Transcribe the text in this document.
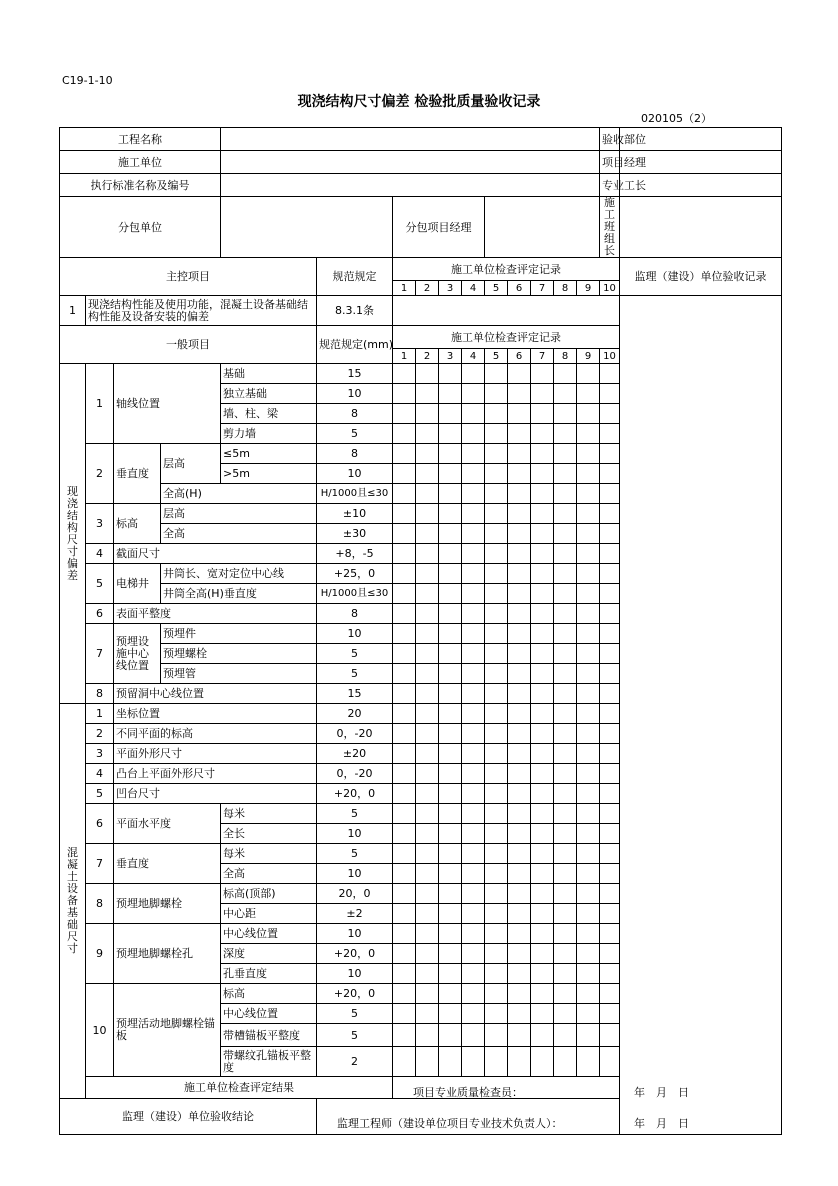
C19-1-10
现浇结构尺寸偏差 检验批质量验收记录
020105（2）
工程名称															验收部位	
施工单位															项目经理	
执行标准名称及编号															专业工长	
分包单位						分包项目经理									施工班组长	
主控项目					规范规定	施工单位检查评定记录										监理（建设）单位验收记录
						1	2	3	4	5	6	7	8	9	10	
1	现浇结构性能及使用功能，混凝土设备基础结构性能及设备安装的偏差				8.3.1条											
一般项目					规范规定(mm)	施工单位检查评定记录										
						1	2	3	4	5	6	7	8	9	10	
现浇结构尺寸偏差	1	轴线位置		基础	15											
				独立基础	10											
				墙、柱、梁	8											
				剪力墙	5											
	2	垂直度	层高	≤5m	8											
				>5m	10											
			全高(H)		H/1000且≤30											
	3	标高	层高		±10											
			全高		±30											
	4	截面尺寸			+8，-5											
	5	电梯井	井筒长、宽对定位中心线		+25，0											
			井筒全高(H)垂直度		H/1000且≤30											
	6	表面平整度			8											
	7	预埋设施中心线位置	预埋件		10											
			预埋螺栓		5											
			预埋管		5											
	8	预留洞中心线位置			15											
混凝土设备基础尺寸	1	坐标位置			20											
	2	不同平面的标高			0，-20											
	3	平面外形尺寸			±20											
	4	凸台上平面外形尺寸			0，-20											
	5	凹台尺寸			+20，0											
	6	平面水平度		每米	5											
				全长	10											
	7	垂直度		每米	5											
				全高	10											
	8	预埋地脚螺栓		标高(顶部)	20，0											
				中心距	±2											
	9	预埋地脚螺栓孔		中心线位置	10											
				深度	+20，0											
				孔垂直度	10											
	10	预埋活动地脚螺栓锚板		标高	+20，0											
				中心线位置	5											
				带槽锚板平整度	5											
				带螺纹孔锚板平整度	2											
	施工单位检查评定结果					项目专业质量检查员： 年　月　日										

监理（建设）单位验收结论					监理工程师（建设单位项目专业技术负责人）： 年　月　日											
